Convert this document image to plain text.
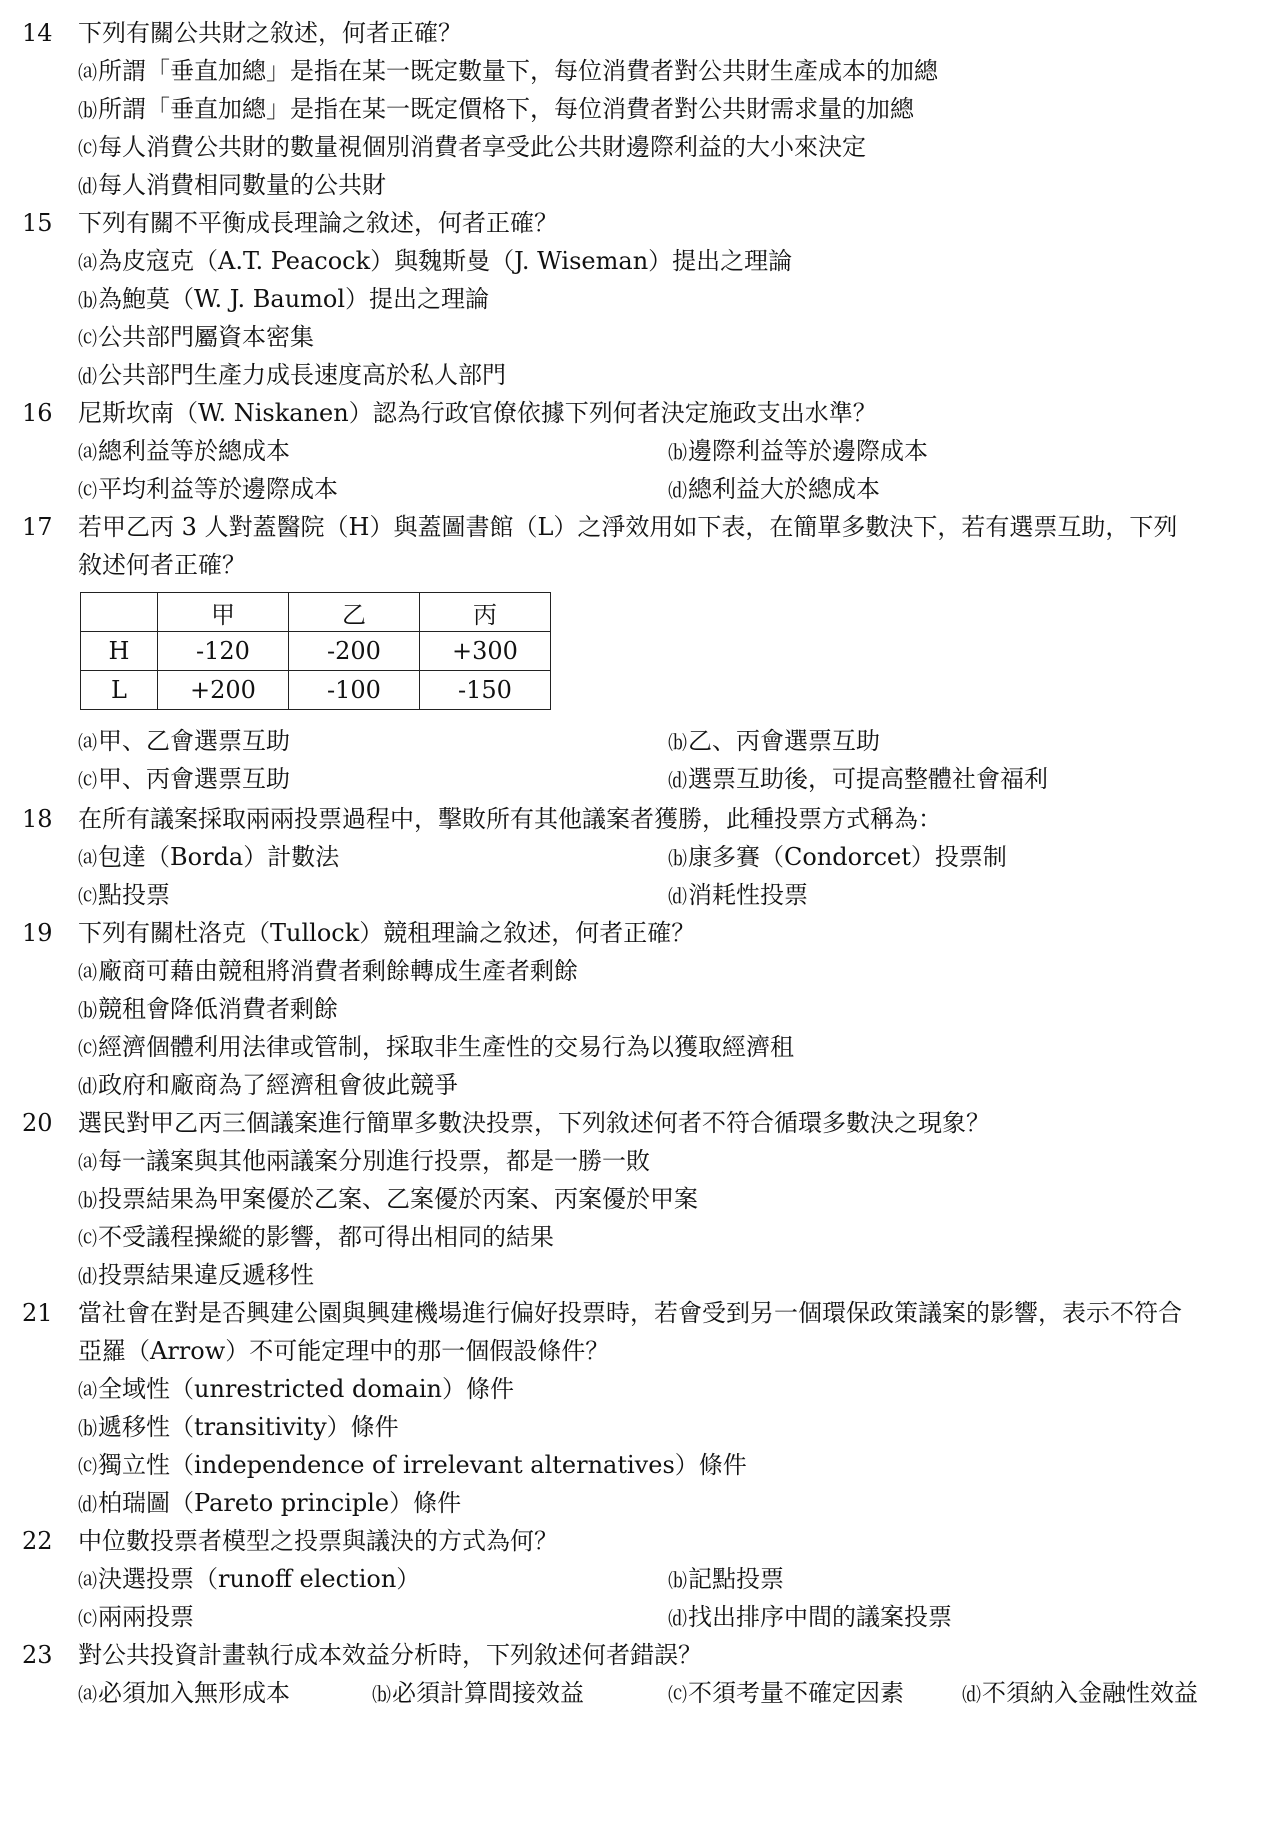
14	下列有關公共財之敘述，何者正確？
⒜所謂「垂直加總」是指在某一既定數量下，每位消費者對公共財生產成本的加總
⒝所謂「垂直加總」是指在某一既定價格下，每位消費者對公共財需求量的加總
⒞每人消費公共財的數量視個別消費者享受此公共財邊際利益的大小來決定
⒟每人消費相同數量的公共財
15	下列有關不平衡成長理論之敘述，何者正確？
⒜為皮寇克（A.T. Peacock）與魏斯曼（J. Wiseman）提出之理論
⒝為鮑莫（W. J. Baumol）提出之理論
⒞公共部門屬資本密集
⒟公共部門生產力成長速度高於私人部門
16	尼斯坎南（W. Niskanen）認為行政官僚依據下列何者決定施政支出水準？
⒜總利益等於總成本	⒝邊際利益等於邊際成本
⒞平均利益等於邊際成本	⒟總利益大於總成本
17	若甲乙丙 3 人對蓋醫院（H）與蓋圖書館（L）之淨效用如下表，在簡單多數決下，若有選票互助，下列
敘述何者正確？
	甲	乙	丙
H	-120	-200	+300
L	+200	-100	-150
⒜甲、乙會選票互助	⒝乙、丙會選票互助
⒞甲、丙會選票互助	⒟選票互助後，可提高整體社會福利
18	在所有議案採取兩兩投票過程中，擊敗所有其他議案者獲勝，此種投票方式稱為：
⒜包達（Borda）計數法	⒝康多賽（Condorcet）投票制
⒞點投票	⒟消耗性投票
19	下列有關杜洛克（Tullock）競租理論之敘述，何者正確？
⒜廠商可藉由競租將消費者剩餘轉成生產者剩餘
⒝競租會降低消費者剩餘
⒞經濟個體利用法律或管制，採取非生產性的交易行為以獲取經濟租
⒟政府和廠商為了經濟租會彼此競爭
20	選民對甲乙丙三個議案進行簡單多數決投票，下列敘述何者不符合循環多數決之現象？
⒜每一議案與其他兩議案分別進行投票，都是一勝一敗
⒝投票結果為甲案優於乙案、乙案優於丙案、丙案優於甲案
⒞不受議程操縱的影響，都可得出相同的結果
⒟投票結果違反遞移性
21	當社會在對是否興建公園與興建機場進行偏好投票時，若會受到另一個環保政策議案的影響，表示不符合
亞羅（Arrow）不可能定理中的那一個假設條件？
⒜全域性（unrestricted domain）條件
⒝遞移性（transitivity）條件
⒞獨立性（independence of irrelevant alternatives）條件
⒟柏瑞圖（Pareto principle）條件
22	中位數投票者模型之投票與議決的方式為何？
⒜決選投票（runoff election）	⒝記點投票
⒞兩兩投票	⒟找出排序中間的議案投票
23	對公共投資計畫執行成本效益分析時，下列敘述何者錯誤？
⒜必須加入無形成本	⒝必須計算間接效益	⒞不須考量不確定因素	⒟不須納入金融性效益
